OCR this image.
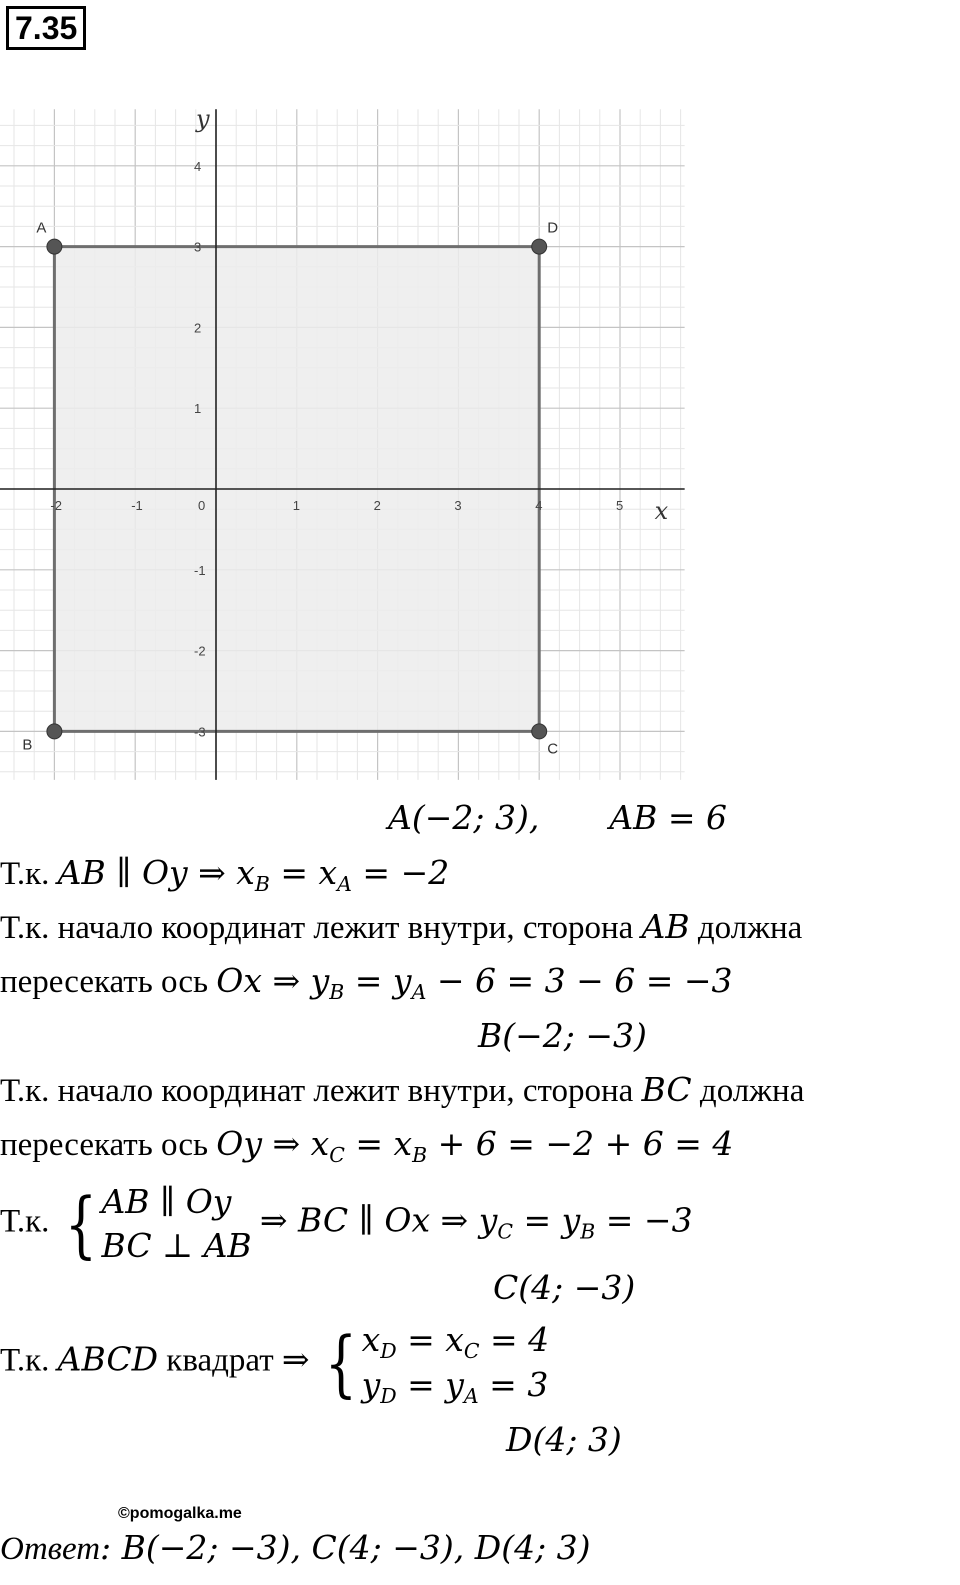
7.35
x
y
-2	-1	0	1	2	3	4	5
4
3
2
1
-1
-2
-3
A	D
B	C
A(−2; 3), AB = 6
Т.к. AB ∥ Oy ⇒ $x_B = x_A = -2$
Т.к. начало координат лежит внутри, сторона AB должна
пересекать ось Ox ⇒ $y_B = y_A - 6 = 3 - 6 = -3$
B(−2; −3)
Т.к. начало координат лежит внутри, сторона BC должна
пересекать ось Oy ⇒ $x_C = x_B + 6 = -2 + 6 = 4$
Т.к. { AB ∥ Oy
BC ⊥ AB
⇒ BC ∥ Ox ⇒ $y_C = y_B = -3$
C(4; −3)
Т.к. ABCD квадрат ⇒ { $x_D = x_C = 4$
$y_D = y_A = 3$
D(4; 3)
©pomogalka.me
Ответ: B(−2; −3), C(4; −3), D(4; 3)
